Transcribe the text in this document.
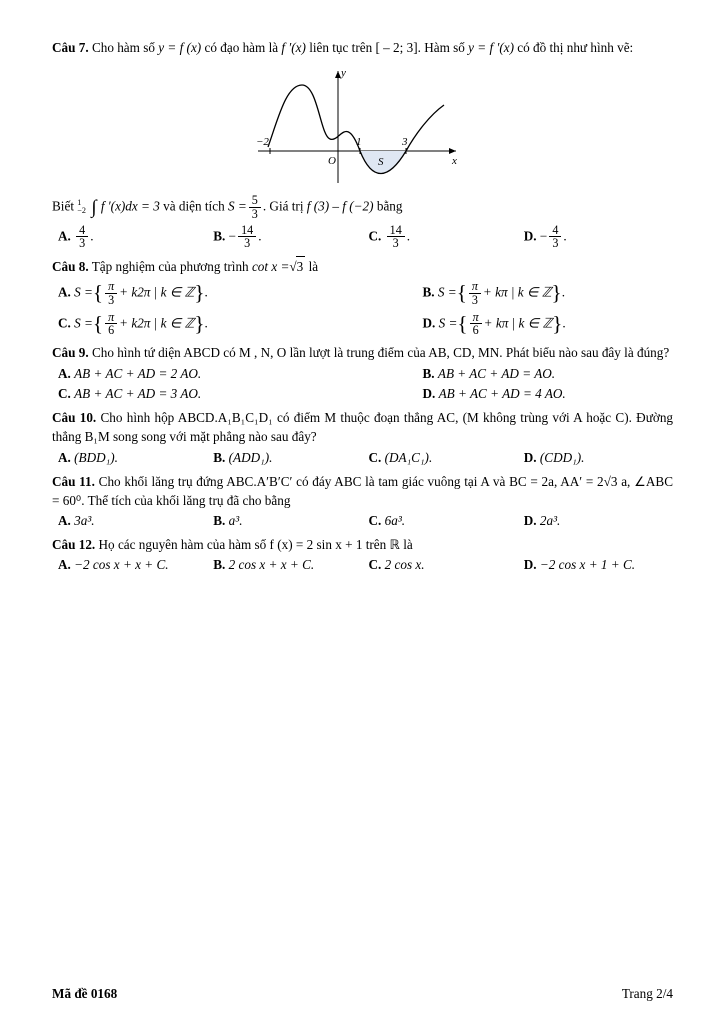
Câu 7. Cho hàm số y = f (x) có đạo hàm là f ′(x) liên tục trên [ – 2; 3]. Hàm số y = f ′(x) có đồ thị như hình vẽ:
−2	1	3
O
y
x
S
Biết 1
−2 ∫ f ′(x)dx = 3 và diện tích $S = \frac{5}{3}$ . Giá trị f (3) – f (−2) bằng
A. $\frac{4}{3}$ .	B. − $\frac{14}{3}$ .	C. $\frac{14}{3}$ .	D. − $\frac{4}{3}$ .
Câu 8. Tập nghiệm của phương trình cot x =√3 là
A. S ={ $\frac{\pi}{3} + k2\pi$ | k ∈ ℤ}.	B. S ={ $\frac{\pi}{3} + k\pi$ | k ∈ ℤ}.
C. S ={ $\frac{\pi}{6} + k2\pi$ | k ∈ ℤ}.	D. S ={ $\frac{\pi}{6} + k\pi$ | k ∈ ℤ}.
Câu 9. Cho hình tứ diện ABCD có M , N, O lần lượt là trung điểm của AB, CD, MN. Phát biểu nào sau đây là đúng?
A. AB + AC + AD = 2 AO.	B. AB + AC + AD = AO.
C. AB + AC + AD = 3 AO.	D. AB + AC + AD = 4 AO.
Câu 10. Cho hình hộp ABCD.A₁B₁C₁D₁ có điểm M thuộc đoạn thẳng AC, (M không trùng với A hoặc C). Đường thẳng B₁M song song với mặt phẳng nào sau đây?
A. (BDD₁).	B. (ADD₁).	C. (DA₁C₁).	D. (CDD₁).
Câu 11. Cho khối lăng trụ đứng ABC.A′B′C′ có đáy ABC là tam giác vuông tại A và BC = 2a, AA′ = 2√3 a, ∠ABC = 60⁰. Thể tích của khối lăng trụ đã cho bằng
A. 3a³.	B. a³.	C. 6a³.	D. 2a³.
Câu 12. Họ các nguyên hàm của hàm số f (x) = 2 sin x + 1 trên ℝ là
A. −2 cos x + x + C.	B. 2 cos x + x + C.	C. 2 cos x.	D. −2 cos x + 1 + C.
Mã đề 0168	Trang 2/4
